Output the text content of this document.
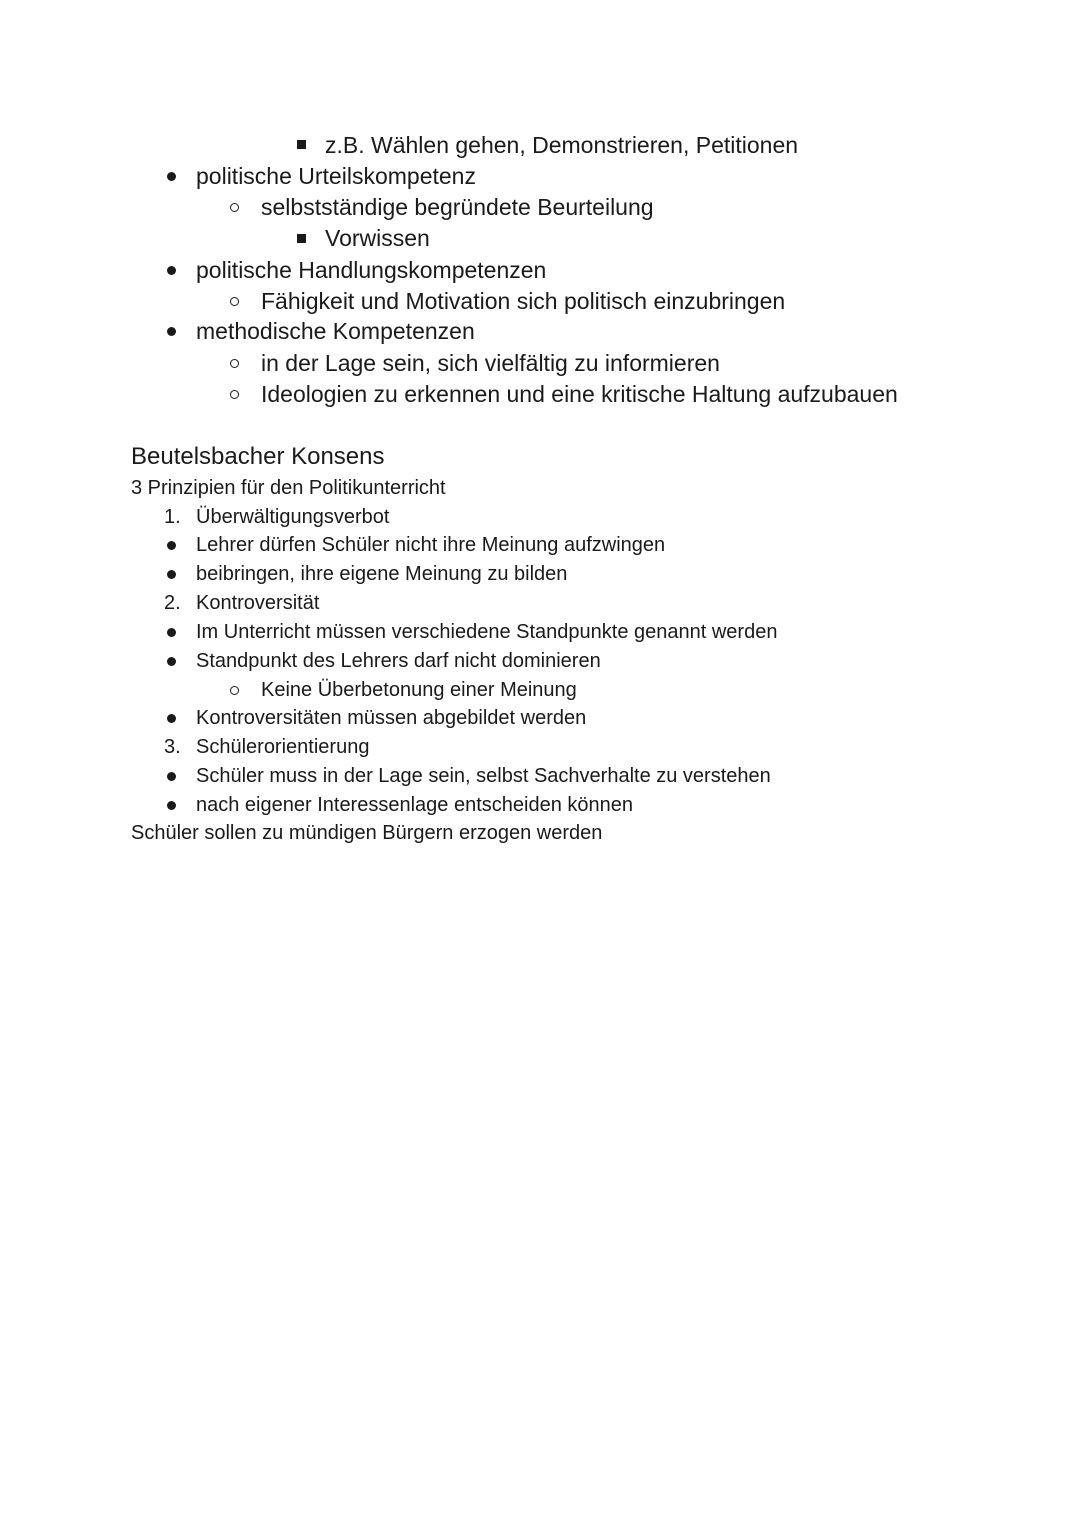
z.B. Wählen gehen, Demonstrieren, Petitionen
politische Urteilskompetenz
selbstständige begründete Beurteilung
Vorwissen
politische Handlungskompetenzen
Fähigkeit und Motivation sich politisch einzubringen
methodische Kompetenzen
in der Lage sein, sich vielfältig zu informieren
Ideologien zu erkennen und eine kritische Haltung aufzubauen
Beutelsbacher Konsens
3 Prinzipien für den Politikunterricht
1. Überwältigungsverbot
Lehrer dürfen Schüler nicht ihre Meinung aufzwingen
beibringen, ihre eigene Meinung zu bilden
2. Kontroversität
Im Unterricht müssen verschiedene Standpunkte genannt werden
Standpunkt des Lehrers darf nicht dominieren
Keine Überbetonung einer Meinung
Kontroversitäten müssen abgebildet werden
3. Schülerorientierung
Schüler muss in der Lage sein, selbst Sachverhalte zu verstehen
nach eigener Interessenlage entscheiden können
Schüler sollen zu mündigen Bürgern erzogen werden
